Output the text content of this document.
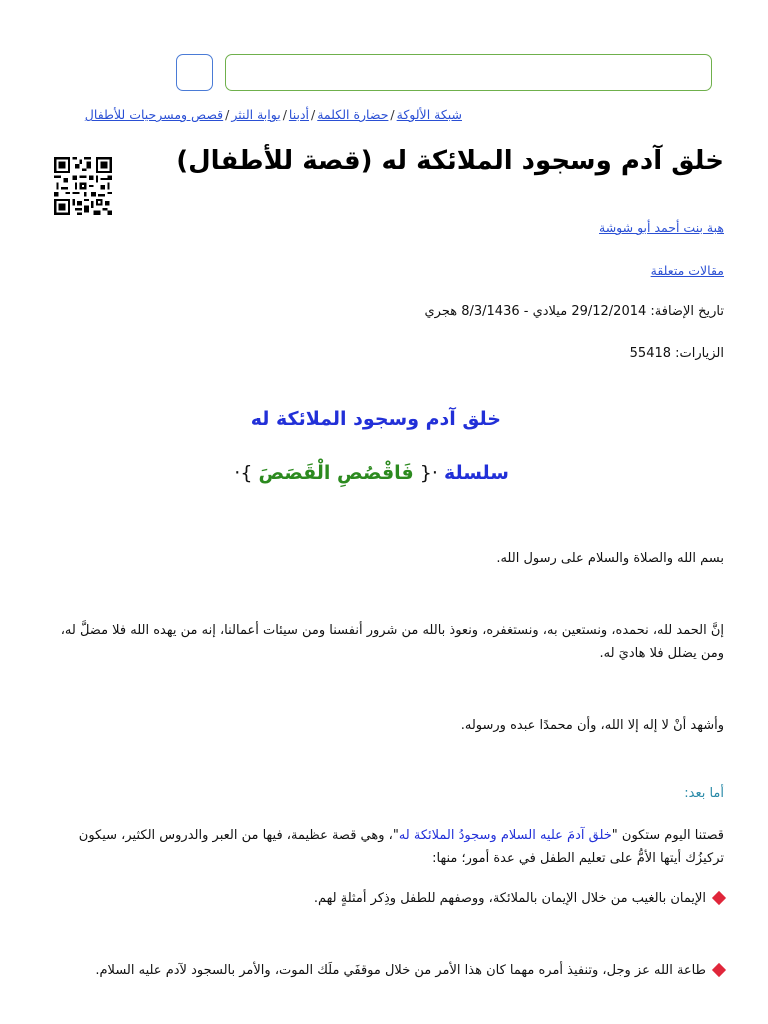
شبكة الألوكة/حضارة الكلمة/أدبنا/بوابة النثر/قصص ومسرحيات للأطفال
خلق آدم وسجود الملائكة له (قصة للأطفال)
هبة بنت أحمد أبو شوشة
مقالات متعلقة
تاريخ الإضافة: 29/12/2014 ميلادي - 8/3/1436 هجري
الزيارات: 55418
خلق آدم وسجود الملائكة له
سلسلة ·{ فَاقْصُصِ الْقَصَصَ }·

بسم الله والصلاة والسلام على رسول الله.

إنَّ الحمد لله، نحمده، ونستعين به، ونستغفره، ونعوذ بالله من شرور أنفسنا ومن سيئات أعمالنا، إنه من يهده الله فلا مضلَّ له، ومن يضلل فلا هاديَ له.

وأشهد أنْ لا إله إلا الله، وأن محمدًا عبده ورسوله.

أما بعد:

قصتنا اليوم ستكون "خلق آدمَ عليه السلام وسجودُ الملائكة له"، وهي قصة عظيمة، فيها من العبر والدروس الكثير، سيكون تركيزُك أيتها الأمُّ على تعليم الطفل في عدة أمور؛ منها:

الإيمان بالغيب من خلال الإيمان بالملائكة، ووصفهم للطفل وذِكر أمثلةٍ لهم.
طاعة الله عز وجل، وتنفيذ أمره مهما كان هذا الأمر من خلال موقفَي ملَك الموت، والأمر بالسجود لآدم عليه السلام.
